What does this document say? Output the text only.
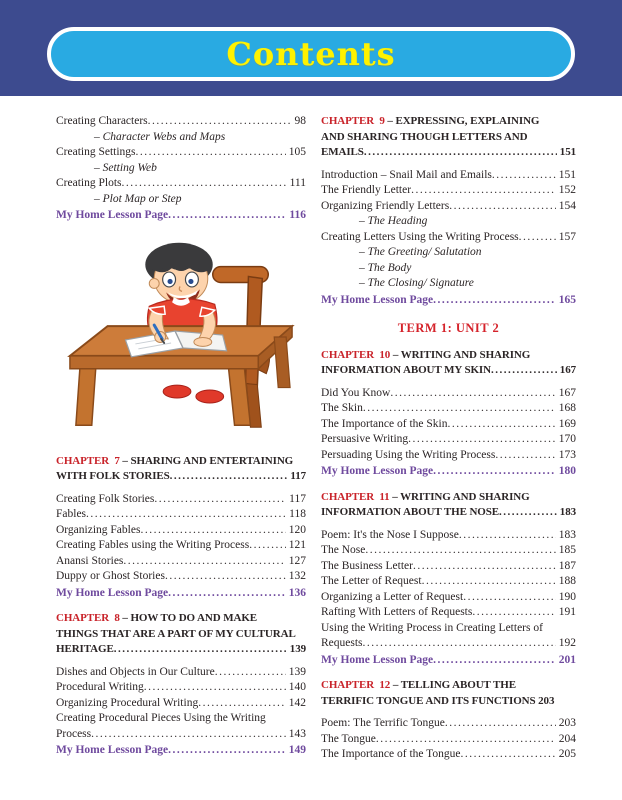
Contents
Creating Characters .....	98
– Character Webs and Maps
Creating Settings .....	105
– Setting Web
Creating Plots .....	111
– Plot Map or Step
My Home Lesson Page .....	116
CHAPTER  7 – SHARING AND ENTERTAINING
WITH FOLK STORIES .....	117
Creating Folk Stories .....	117
Fables .....	118
Organizing Fables .....	120
Creating Fables using the Writing Process .....	121
Anansi Stories .....	127
Duppy or Ghost Stories .....	132
My Home Lesson Page .....	136
CHAPTER  8 – HOW TO DO AND MAKE
THINGS THAT ARE A PART OF MY CULTURAL
HERITAGE .....	139
Dishes and Objects in Our Culture .....	139
Procedural Writing .....	140
Organizing Procedural Writing .....	142
Creating Procedural Pieces Using the Writing
Process .....	143
My Home Lesson Page .....	149
CHAPTER  9 – EXPRESSING, EXPLAINING
AND SHARING THOUGH LETTERS AND
EMAILS .....	151
Introduction – Snail Mail and Emails .....	151
The Friendly Letter .....	152
Organizing Friendly Letters .....	154
– The Heading
Creating Letters Using the Writing Process .....	157
– The Greeting/ Salutation
– The Body
– The Closing/ Signature
My Home Lesson Page .....	165
TERM 1: UNIT 2
CHAPTER  10 – WRITING AND SHARING
INFORMATION ABOUT MY SKIN .....	167
Did You Know .....	167
The Skin .....	168
The Importance of the Skin .....	169
Persuasive Writing .....	170
Persuading Using the Writing Process .....	173
My Home Lesson Page .....	180
CHAPTER  11 – WRITING AND SHARING
INFORMATION ABOUT THE NOSE .....	183
Poem: It's the Nose I Suppose .....	183
The Nose .....	185
The Business Letter .....	187
The Letter of Request .....	188
Organizing a Letter of Request .....	190
Rafting With Letters of Requests .....	191
Using the Writing Process in Creating Letters of
Requests .....	192
My Home Lesson Page .....	201
CHAPTER  12 – TELLING ABOUT THE
TERRIFIC TONGUE AND ITS FUNCTIONS 203
Poem: The Terrific Tongue .....	203
The Tongue .....	204
The Importance of the Tongue .....	205
